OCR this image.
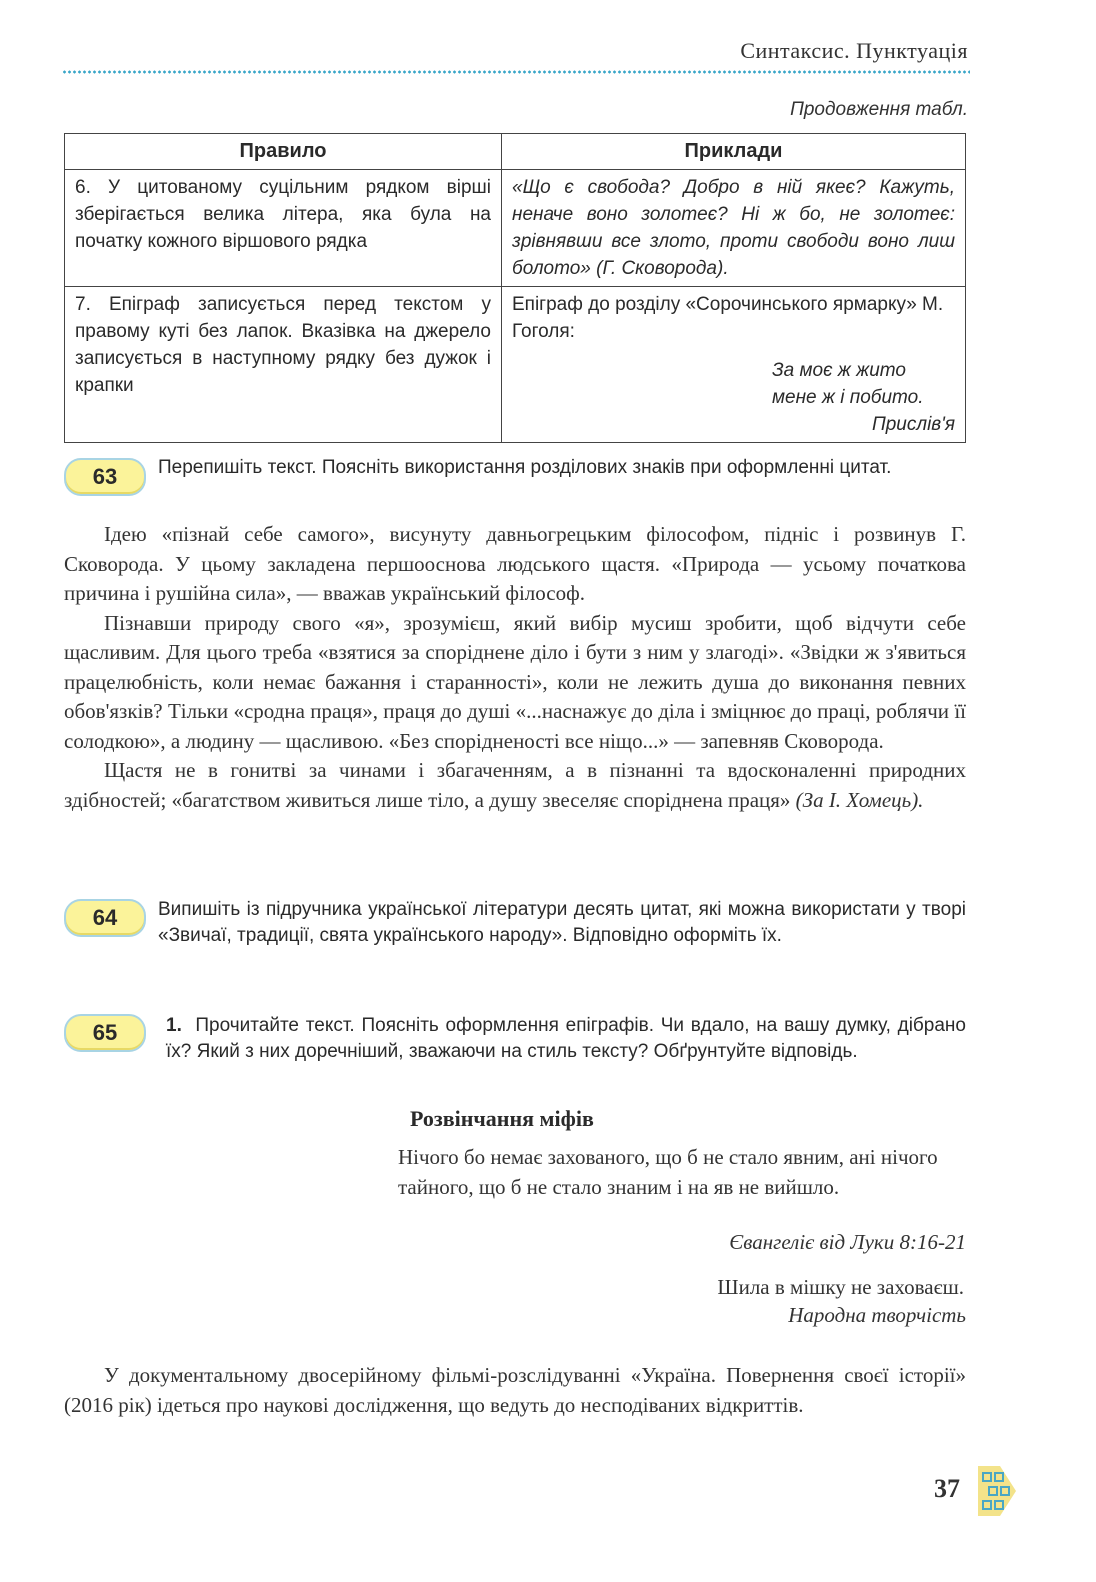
Синтаксис. Пунктуація
Продовження табл.
Правило	Приклади
6. У цитованому суцільним рядком вірші зберігається велика літера, яка була на початку кожного віршового рядка	«Що є свобода? Добро в ній якеє? Кажуть, неначе воно золотеє? Ні ж бо, не золотеє: зрівнявши все злото, проти свободи воно лиш болото» (Г. Сковорода).
7. Епіграф записується перед текстом у правому куті без лапок. Вказівка на джерело записується в наступному рядку без дужок і крапки	Епіграф до розділу «Сорочинського ярмарку» М. Гоголя:
За моє ж жито
мене ж і побито.
Прислів'я
63	Перепишіть текст. Поясніть використання розділових знаків при оформленні цитат.

Ідею «пізнай себе самого», висунуту давньогрецьким філософом, підніс і розвинув Г. Сковорода. У цьому закладена першооснова людського щастя. «Природа — усьому початкова причина і рушійна сила», — вважав український філософ.

Пізнавши природу свого «я», зрозумієш, який вибір мусиш зробити, щоб відчути себе щасливим. Для цього треба «взятися за споріднене діло і бути з ним у злагоді». «Звідки ж з'явиться працелюбність, коли немає бажання і старанності», коли не лежить душа до виконання певних обов'язків? Тільки «сродна праця», праця до душі «...наснажує до діла і зміцнює до праці, роблячи її солодкою», а людину — щасливою. «Без спорідненості все ніщо...» — запевняв Сковорода.

Щастя не в гонитві за чинами і збагаченням, а в пізнанні та вдосконаленні природних здібностей; «багатством живиться лише тіло, а душу звеселяє споріднена праця» (За І. Хомець).

64	Випишіть із підручника української літератури десять цитат, які можна використати у творі «Звичаї, традиції, свята українського народу». Відповідно оформіть їх.
65	1. Прочитайте текст. Поясніть оформлення епіграфів. Чи вдало, на вашу думку, дібрано їх? Який з них доречніший, зважаючи на стиль тексту? Обґрунтуйте відповідь.
Розвінчання міфів
Нічого бо немає захованого, що б не стало явним, ані нічого тайного, що б не стало знаним і на яв не вийшло.
Євангеліє від Луки 8:16-21
Шила в мішку не заховаєш.
Народна творчість

У документальному двосерійному фільмі-розслідуванні «Україна. Повернення своєї історії» (2016 рік) ідеться про наукові дослідження, що ведуть до несподіваних відкриттів.

37
